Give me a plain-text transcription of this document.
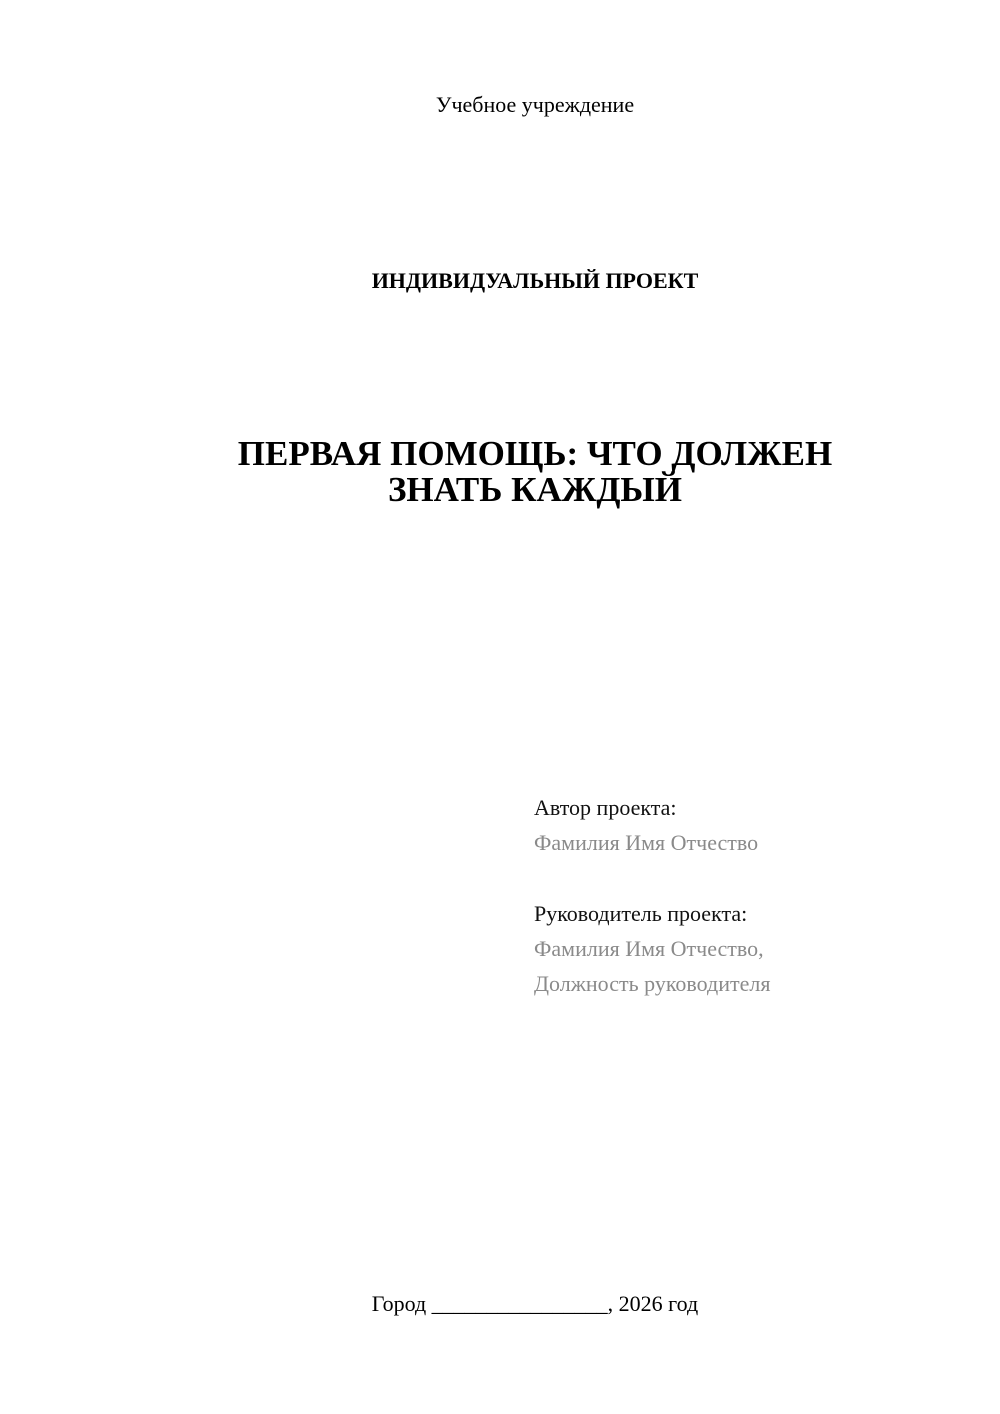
Учебное учреждение
ИНДИВИДУАЛЬНЫЙ ПРОЕКТ
ПЕРВАЯ ПОМОЩЬ: ЧТО ДОЛЖЕН
ЗНАТЬ КАЖДЫЙ
Автор проекта:
Фамилия Имя Отчество
Руководитель проекта:
Фамилия Имя Отчество,
Должность руководителя
Город ________________, 2026 год
